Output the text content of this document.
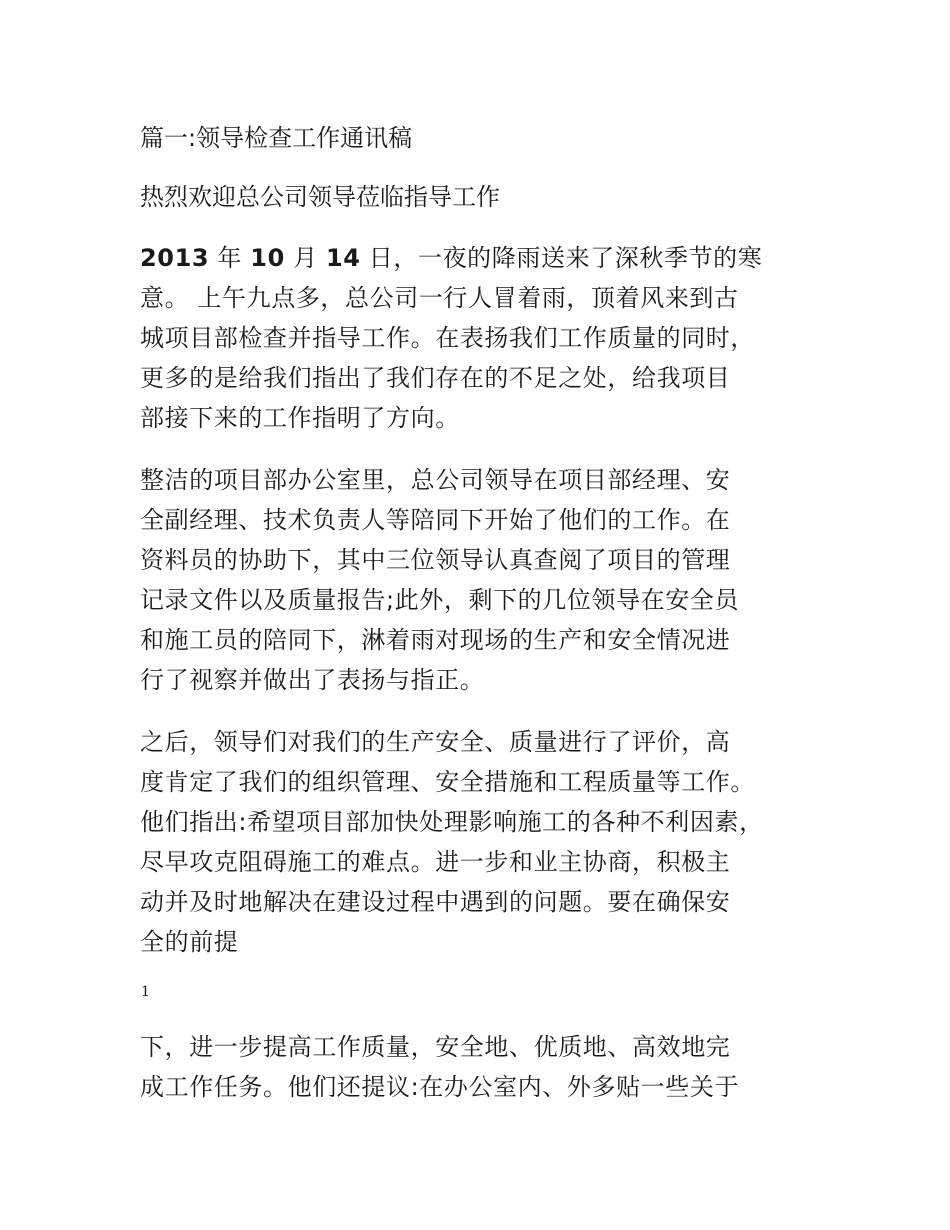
篇一:领导检查工作通讯稿
热烈欢迎总公司领导莅临指导工作
2013 年 10 月 14 日，一夜的降雨送来了深秋季节的寒
意。 上午九点多，总公司一行人冒着雨，顶着风来到古
城项目部检查并指导工作。在表扬我们工作质量的同时，
更多的是给我们指出了我们存在的不足之处，给我项目
部接下来的工作指明了方向。
整洁的项目部办公室里，总公司领导在项目部经理、安
全副经理、技术负责人等陪同下开始了他们的工作。在
资料员的协助下，其中三位领导认真查阅了项目的管理
记录文件以及质量报告;此外，剩下的几位领导在安全员
和施工员的陪同下，淋着雨对现场的生产和安全情况进
行了视察并做出了表扬与指正。
之后，领导们对我们的生产安全、质量进行了评价，高
度肯定了我们的组织管理、安全措施和工程质量等工作。
他们指出:希望项目部加快处理影响施工的各种不利因素，
尽早攻克阻碍施工的难点。进一步和业主协商，积极主
动并及时地解决在建设过程中遇到的问题。要在确保安
全的前提
1
下，进一步提高工作质量，安全地、优质地、高效地完
成工作任务。他们还提议:在办公室内、外多贴一些关于
